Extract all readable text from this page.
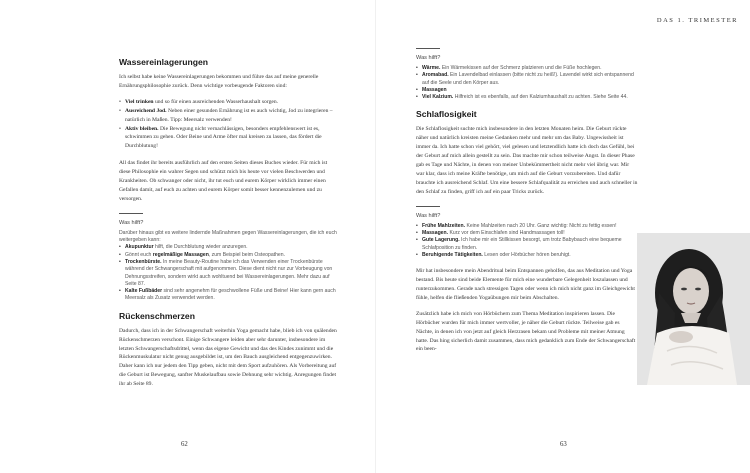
Wassereinlagerungen

Ich selbst habe keine Wassereinlagerungen bekommen und führe das auf meine generelle Ernährungsphilosophie zurück. Denn wichtige vorbeugende Faktoren sind:

• Viel trinken und so für einen ausreichenden Wasserhaushalt sorgen.
• Ausreichend Jod. Neben einer gesunden Ernährung ist es auch wichtig, Jod zu integrieren – natürlich in Maßen. Tipp: Meersalz verwenden!
• Aktiv bleiben. Die Bewegung nicht vernachlässigen, besonders empfehlenswert ist es, schwimmen zu gehen. Oder Beine und Arme öfter mal kreisen zu lassen, das fördert die Durchblutung!

All das findet ihr bereits ausführlich auf den ersten Seiten dieses Buches wieder. Für mich ist diese Philosophie ein wahrer Segen und schützt mich bis heute vor vielen Beschwerden und Krankheiten. Ob schwanger oder nicht, ihr tut euch und eurem Körper wirklich immer einen Gefallen damit, auf euch zu achten und eurem Körper somit besser kennenzulernen und zu versorgen.

Was hilft?

Darüber hinaus gibt es weitere lindernde Maßnahmen gegen Wassereinlagerungen, die ich euch weitergeben kann:

• Akupunktur hilft, die Durchblutung wieder anzuregen.
• Gönnt euch regelmäßige Massagen, zum Beispiel beim Osteopathen.
• Trockenbürste. In meine Beauty-Routine habe ich das Verwenden einer Trockenbürste während der Schwangerschaft mit aufgenommen. Diese dient nicht nur zur Vorbeugung von Dehnungsstreifen, sondern wirkt auch wohltuend bei Wassereinlagerungen. Mehr dazu auf Seite 87.
• Kalte Fußbäder sind sehr angenehm für geschwollene Füße und Beine! Hier kann gern auch Meersalz als Zusatz verwendet werden.
Rückenschmerzen

Dadurch, dass ich in der Schwangerschaft weiterhin Yoga gemacht habe, blieb ich von quälenden Rückenschmerzen verschont. Einige Schwangere leiden aber sehr darunter, insbesondere im letzten Schwangerschaftsdrittel, wenn das eigene Gewicht und das des Kindes zunimmt und die Rückenmuskulatur nicht genug ausgebildet ist, um den Bauch ausgleichend entgegenzuwirken. Daher kann ich nur jedem den Tipp geben, nicht mit dem Sport aufzuhören. Als Vorbereitung auf die Geburt ist Bewegung, sanfter Muskelaufbau sowie Dehnung sehr wichtig. Anregungen findet ihr ab Seite 89.

62
DAS 1. TRIMESTER
Was hilft?
• Wärme. Ein Wärmekissen auf der Schmerz platzieren und die Füße hochlegen.
• Aromabad. Ein Lavendelbad einlassen (bitte nicht zu heiß!). Lavendel wirkt sich entspannend auf die Seele und den Körper aus.
• Massagen
• Viel Kalzium. Hilfreich ist es ebenfalls, auf den Kalziumhaushalt zu achten. Siehe Seite 44.
Schlaflosigkeit

Die Schlaflosigkeit suchte mich insbesondere in den letzten Monaten heim. Die Geburt rückte näher und natürlich kreisten meine Gedanken mehr und mehr um das Baby. Ungewissheit ist immer da. Ich hatte schon viel gehört, viel gelesen und letztendlich hatte ich doch das Gefühl, bei der Geburt auf mich allein gestellt zu sein. Das machte mir schon teilweise Angst. In dieser Phase gab es Tage und Nächte, in denen von meiner Unbekümmertheit nicht mehr viel übrig war. Mir war klar, dass ich meine Kräfte benötige, um mich auf die Geburt vorzubereiten. Und dafür brauchte ich ausreichend Schlaf. Um eine bessere Schlafqualität zu erreichen und auch schneller in den Schlaf zu finden, griff ich auf ein paar Tricks zurück.

Was hilft?
• Frühe Mahlzeiten. Keine Mahlzeiten nach 20 Uhr. Ganz wichtig: Nicht zu fettig essen!
• Massagen. Kurz vor dem Einschlafen sind Handmassagen toll!
• Gute Lagerung. Ich habe mir ein Stillkissen besorgt, um trotz Babybauch eine bequeme Schlafposition zu finden.
• Beruhigende Tätigkeiten. Lesen oder Hörbücher hören beruhigt.

Mir hat insbesondere mein Abendritual beim Entspannen geholfen, das aus Meditation und Yoga bestand. Bis heute sind beide Elemente für mich eine wunderbare Gelegenheit loszulassen und runterzukommen. Gerade nach stressigen Tagen oder wenn ich mich nicht ganz im Gleichgewicht fühle, helfen die fließenden Yogaübungen mir beim Abschalten.

Zusätzlich habe ich mich von Hörbüchern zum Thema Meditation inspirieren lassen. Die Hörbücher wurden für mich immer wertvoller, je näher die Geburt rückte. Teilweise gab es Nächte, in denen ich von jetzt auf gleich Herzrasen bekam und Probleme mit meiner Atmung hatte. Das hing sicherlich damit zusammen, dass mich gedanklich zum Ende der Schwangerschaft ein been-

63
